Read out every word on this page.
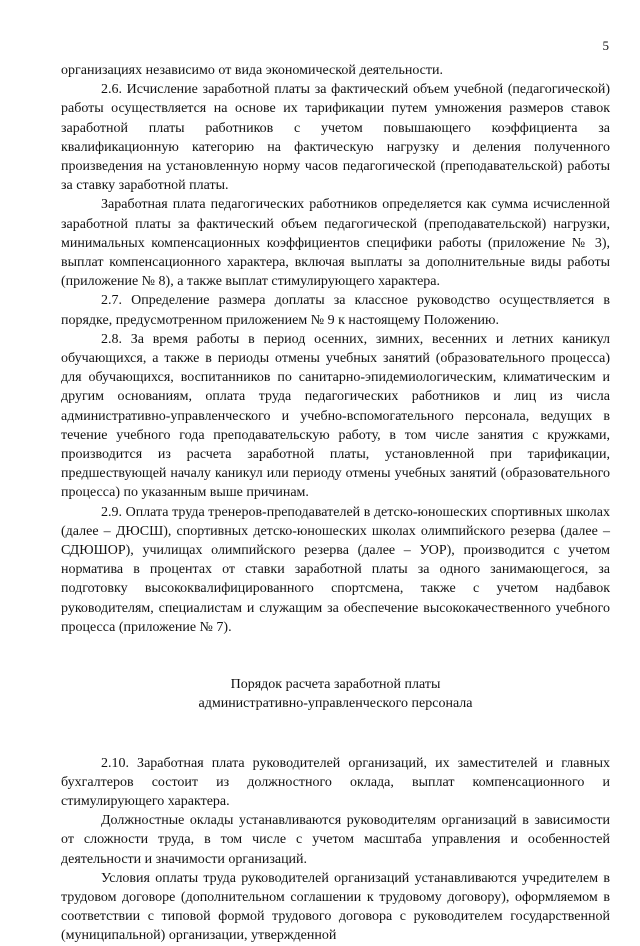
5

организациях независимо от вида экономической деятельности.

2.6. Исчисление заработной платы за фактический объем учебной (педагогической) работы осуществляется на основе их тарификации путем умножения размеров ставок заработной платы работников с учетом повышающего коэффициента за квалификационную категорию на фактическую нагрузку и деления полученного произведения на установленную норму часов педагогической (преподавательской) работы за ставку заработной платы.

Заработная плата педагогических работников определяется как сумма исчисленной заработной платы за фактический объем педагогической (преподавательской) нагрузки, минимальных компенсационных коэффициентов специфики работы (приложение № 3), выплат компенсационного характера, включая выплаты за дополнительные виды работы (приложение № 8), а также выплат стимулирующего характера.

2.7. Определение размера доплаты за классное руководство осуществляется в порядке, предусмотренном приложением № 9 к настоящему Положению.

2.8. За время работы в период осенних, зимних, весенних и летних каникул обучающихся, а также в периоды отмены учебных занятий (образовательного процесса) для обучающихся, воспитанников по санитарно-эпидемиологическим, климатическим и другим основаниям, оплата труда педагогических работников и лиц из числа административно-управленческого и учебно-вспомогательного персонала, ведущих в течение учебного года преподавательскую работу, в том числе занятия с кружками, производится из расчета заработной платы, установленной при тарификации, предшествующей началу каникул или периоду отмены учебных занятий (образовательного процесса) по указанным выше причинам.

2.9. Оплата труда тренеров-преподавателей в детско-юношеских спортивных школах (далее – ДЮСШ), спортивных детско-юношеских школах олимпийского резерва (далее – СДЮШОР), училищах олимпийского резерва (далее – УОР), производится с учетом норматива в процентах от ставки заработной платы за одного занимающегося, за подготовку высококвалифицированного спортсмена, также с учетом надбавок руководителям, специалистам и служащим за обеспечение высококачественного учебного процесса (приложение № 7).

Порядок расчета заработной платы
административно-управленческого персонала

2.10. Заработная плата руководителей организаций, их заместителей и главных бухгалтеров состоит из должностного оклада, выплат компенсационного и стимулирующего характера.

Должностные оклады устанавливаются руководителям организаций в зависимости от сложности труда, в том числе с учетом масштаба управления и особенностей деятельности и значимости организаций.

Условия оплаты труда руководителей организаций устанавливаются учредителем в трудовом договоре (дополнительном соглашении к трудовому договору), оформляемом в соответствии с типовой формой трудового договора с руководителем государственной (муниципальной) организации, утвержденной
